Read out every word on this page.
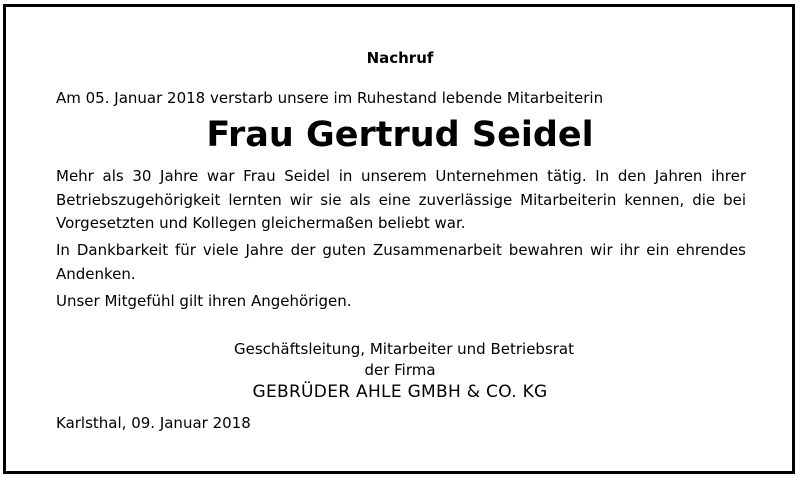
Nachruf
Am 05. Januar 2018 verstarb unsere im Ruhestand lebende Mitarbeiterin
Frau Gertrud Seidel
Mehr als 30 Jahre war Frau Seidel in unserem Unternehmen tätig. In den Jahren ihrer Betriebszugehörigkeit lernten wir sie als eine zuverlässige Mitarbeiterin kennen, die bei Vorgesetzten und Kollegen gleichermaßen beliebt war.
In Dankbarkeit für viele Jahre der guten Zusammenarbeit bewahren wir ihr ein ehrendes Andenken.
Unser Mitgefühl gilt ihren Angehörigen.
Geschäftsleitung, Mitarbeiter und Betriebsrat
der Firma
GEBRÜDER AHLE GMBH & CO. KG
Karlsthal, 09. Januar 2018
